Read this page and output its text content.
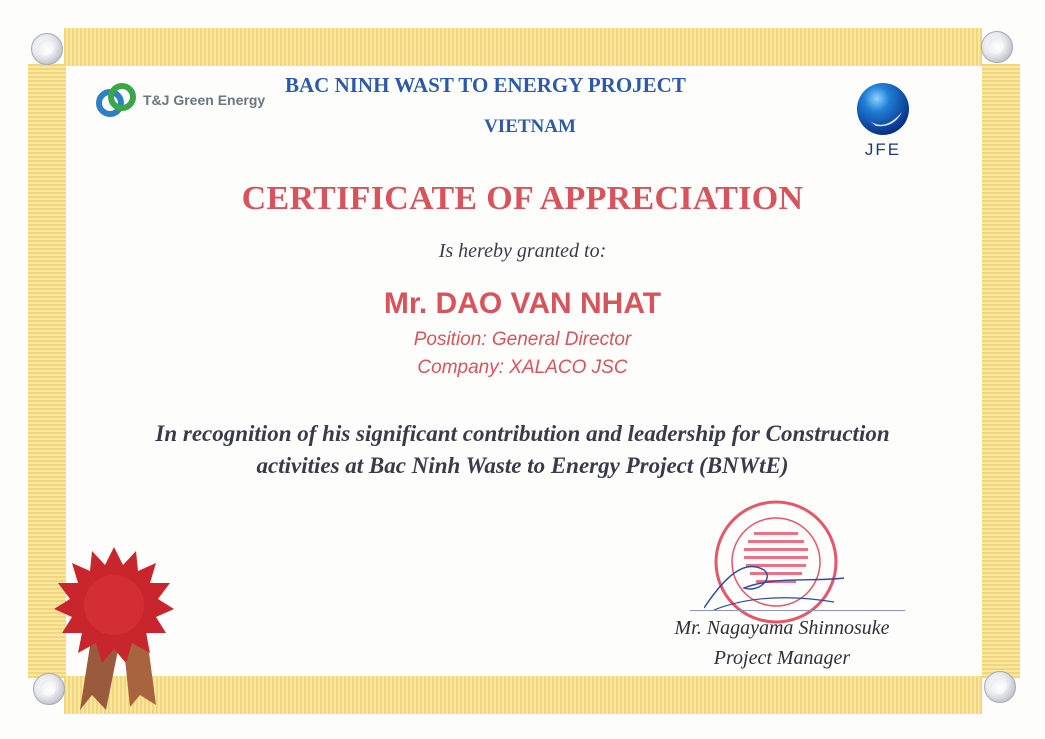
T&J Green Energy
BAC NINH WAST TO ENERGY PROJECT
VIETNAM
JFE
CERTIFICATE OF APPRECIATION
Is hereby granted to:
Mr. DAO VAN NHAT
Position: General Director
Company: XALACO JSC
In recognition of his significant contribution and leadership for Construction
activities at Bac Ninh Waste to Energy Project (BNWtE)
Mr. Nagayama Shinnosuke
Project Manager
